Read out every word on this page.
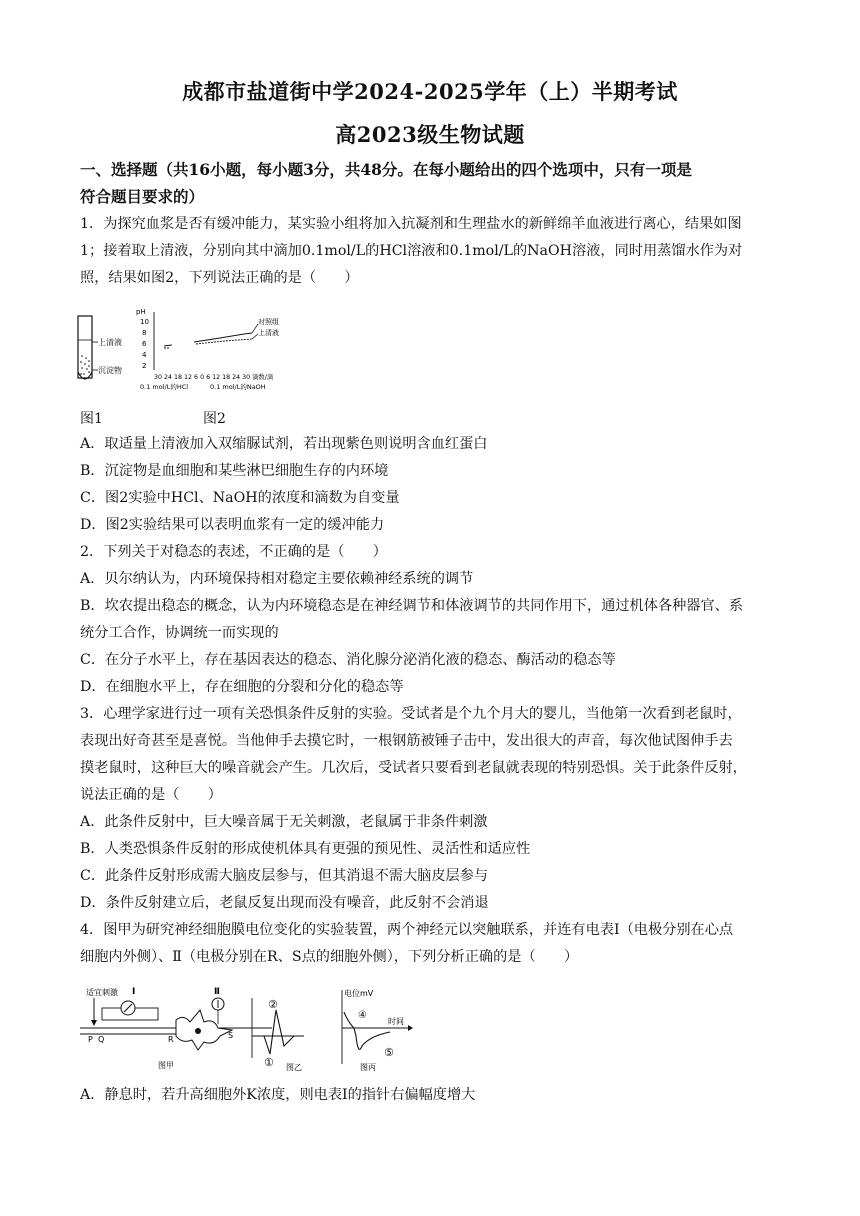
成都市盐道街中学2024-2025学年（上）半期考试
高2023级生物试题
一、选择题（共16小题，每小题3分，共48分。在每小题给出的四个选项中，只有一项是
符合题目要求的）
1．为探究血浆是否有缓冲能力，某实验小组将加入抗凝剂和生理盐水的新鲜绵羊血液进行离心，结果如图
1；接着取上清液，分别向其中滴加0.1mol/L的HCl溶液和0.1mol/L的NaOH溶液，同时用蒸馏水作为对
照，结果如图2，下列说法正确的是（　　）
上清液
沉淀物
pH
10
8
6
4
2
对照组
上清液
30 24 18 12 6 0 6 12 18 24 30 滴数/滴
0.1 mol/L的HCl	0.1 mol/L的NaOH
图1	图2
A．取适量上清液加入双缩脲试剂，若出现紫色则说明含血红蛋白
B．沉淀物是血细胞和某些淋巴细胞生存的内环境
C．图2实验中HCl、NaOH的浓度和滴数为自变量
D．图2实验结果可以表明血浆有一定的缓冲能力
2．下列关于对稳态的表述，不正确的是（　　）
A．贝尔纳认为，内环境保持相对稳定主要依赖神经系统的调节
B．坎农提出稳态的概念，认为内环境稳态是在神经调节和体液调节的共同作用下，通过机体各种器官、系
统分工合作，协调统一而实现的
C．在分子水平上，存在基因表达的稳态、消化腺分泌消化液的稳态、酶活动的稳态等
D．在细胞水平上，存在细胞的分裂和分化的稳态等
3．心理学家进行过一项有关恐惧条件反射的实验。受试者是个九个月大的婴儿，当他第一次看到老鼠时，
表现出好奇甚至是喜悦。当他伸手去摸它时，一根钢筋被锤子击中，发出很大的声音，每次他试图伸手去
摸老鼠时，这种巨大的噪音就会产生。几次后，受试者只要看到老鼠就表现的特别恐惧。关于此条件反射，
说法正确的是（　　）
A．此条件反射中，巨大噪音属于无关刺激，老鼠属于非条件刺激
B．人类恐惧条件反射的形成使机体具有更强的预见性、灵活性和适应性
C．此条件反射形成需大脑皮层参与，但其消退不需大脑皮层参与
D．条件反射建立后，老鼠反复出现而没有噪音，此反射不会消退
4．图甲为研究神经细胞膜电位变化的实验装置，两个神经元以突触联系，并连有电表Ⅰ（电极分别在心点
细胞内外侧）、Ⅱ（电极分别在R、S点的细胞外侧），下列分析正确的是（　　）
适宜刺激 Ⅰ
P Q	R
Ⅱ
S
图甲
②
① 图乙
电位mV
时间
④
⑤
图丙
A．静息时，若升高细胞外K浓度，则电表Ⅰ的指针右偏幅度增大
